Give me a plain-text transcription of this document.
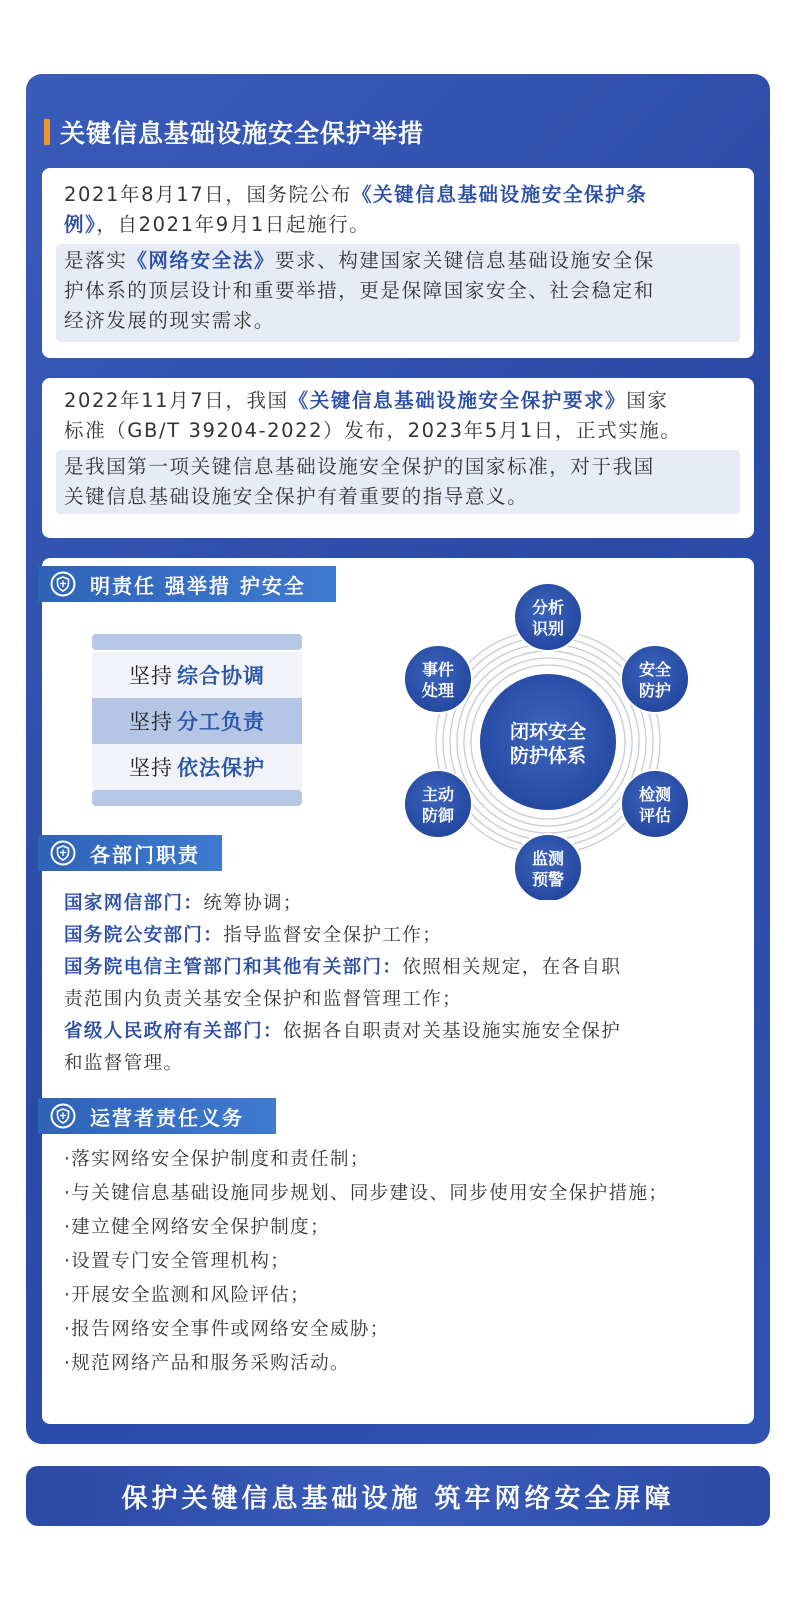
关键信息基础设施安全保护举措
2021年8月17日，国务院公布《关键信息基础设施安全保护条
例》，自2021年9月1日起施行。
是落实《网络安全法》要求、构建国家关键信息基础设施安全保
护体系的顶层设计和重要举措，更是保障国家安全、社会稳定和
经济发展的现实需求。
2022年11月7日，我国《关键信息基础设施安全保护要求》国家
标准（GB/T 39204-2022）发布，2023年5月1日，正式实施。
是我国第一项关键信息基础设施安全保护的国家标准，对于我国
关键信息基础设施安全保护有着重要的指导意义。
明责任 强举措 护安全
坚持 综合协调
坚持 分工负责
坚持 依法保护
闭环安全
防护体系
分析
识别
安全
防护
检测
评估
监测
预警
主动
防御
事件
处理
各部门职责
国家网信部门：统筹协调；
国务院公安部门：指导监督安全保护工作；
国务院电信主管部门和其他有关部门：依照相关规定，在各自职
责范围内负责关基安全保护和监督管理工作；
省级人民政府有关部门：依据各自职责对关基设施实施安全保护
和监督管理。
运营者责任义务
·落实网络安全保护制度和责任制；
·与关键信息基础设施同步规划、同步建设、同步使用安全保护措施；
·建立健全网络安全保护制度；
·设置专门安全管理机构；
·开展安全监测和风险评估；
·报告网络安全事件或网络安全威胁；
·规范网络产品和服务采购活动。
保护关键信息基础设施 筑牢网络安全屏障
